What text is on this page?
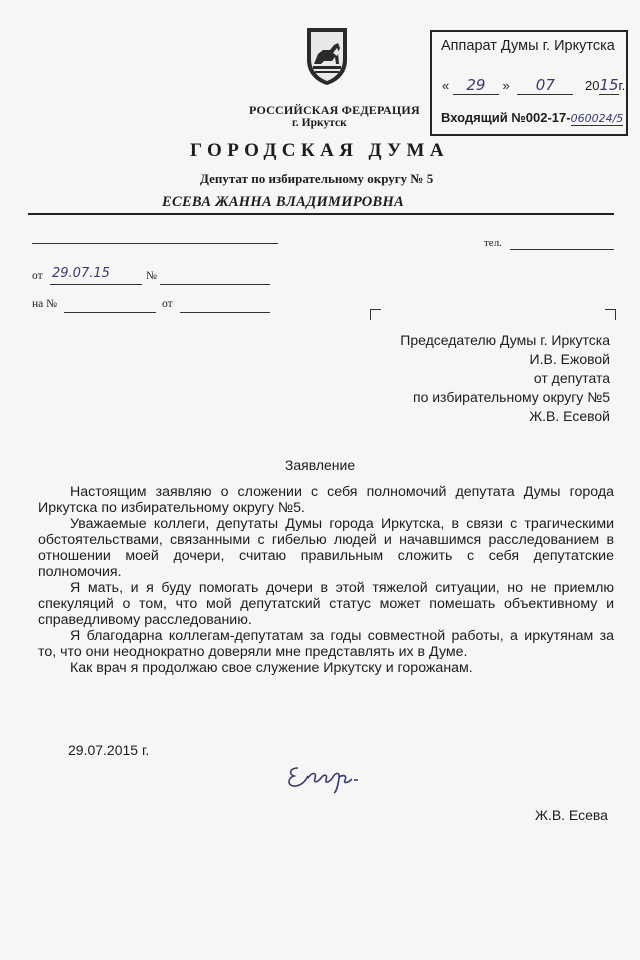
РОССИЙСКАЯ ФЕДЕРАЦИЯ
г. Иркутск
ГОРОДСКАЯ ДУМА
Депутат по избирательному округу № 5
ЕСЕВА ЖАННА ВЛАДИМИРОВНА
тел.
Аппарат Думы г. Иркутска
« 29 » 07 2015г.
Входящий №002-17-060024/5
от 29.07.15	№
на №	от
Председателю Думы г. Иркутска
И.В. Ежовой
от депутата
по избирательному округу №5
Ж.В. Есевой
Заявление

Настоящим заявляю о сложении с себя полномочий депутата Думы города Иркутска по избирательному округу №5.

Уважаемые коллеги, депутаты Думы города Иркутска, в связи с трагическими обстоятельствами, связанными с гибелью людей и начавшимся расследованием в отношении моей дочери, считаю правильным сложить с себя депутатские полномочия.

Я мать, и я буду помогать дочери в этой тяжелой ситуации, но не приемлю спекуляций о том, что мой депутатский статус может помешать объективному и справедливому расследованию.

Я благодарна коллегам-депутатам за годы совместной работы, а иркутянам за то, что они неоднократно доверяли мне представлять их в Думе.

Как врач я продолжаю свое служение Иркутску и горожанам.

29.07.2015 г.
Ж.В. Есева
